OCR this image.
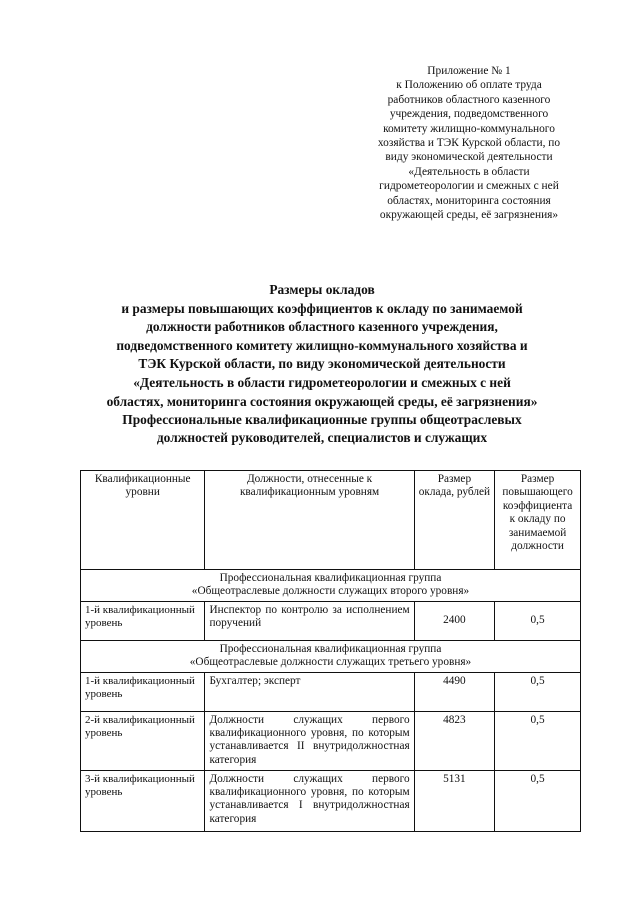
Приложение № 1
к Положению об оплате труда
работников областного казенного
учреждения, подведомственного
комитету жилищно-коммунального
хозяйства и ТЭК Курской области, по
виду экономической деятельности
«Деятельность в области
гидрометеорологии и смежных с ней
областях, мониторинга состояния
окружающей среды, её загрязнения»
Размеры окладов
и размеры повышающих коэффициентов к окладу по занимаемой
должности работников областного казенного учреждения,
подведомственного комитету жилищно-коммунального хозяйства и
ТЭК Курской области, по виду экономической деятельности
«Деятельность в области гидрометеорологии и смежных с ней
областях, мониторинга состояния окружающей среды, её загрязнения»
Профессиональные квалификационные группы общеотраслевых
должностей руководителей, специалистов и служащих
Квалификационные уровни	Должности, отнесенные к квалификационным уровням	Размер оклада, рублей	Размер повышающего коэффициента к окладу по занимаемой должности

Профессиональная квалификационная группа
«Общеотраслевые должности служащих второго уровня»			

1-й квалификационный уровень	Инспектор по контролю за исполнением поручений	2400	0,5

Профессиональная квалификационная группа
«Общеотраслевые должности служащих третьего уровня»			

1-й квалификационный уровень	Бухгалтер; эксперт	4490	0,5
2-й квалификационный уровень	Должности служащих первого квалификационного уровня, по которым устанавливается II внутридолжностная категория	4823	0,5
3-й квалификационный уровень	Должности служащих первого квалификационного уровня, по которым устанавливается I внутридолжностная категория	5131	0,5
